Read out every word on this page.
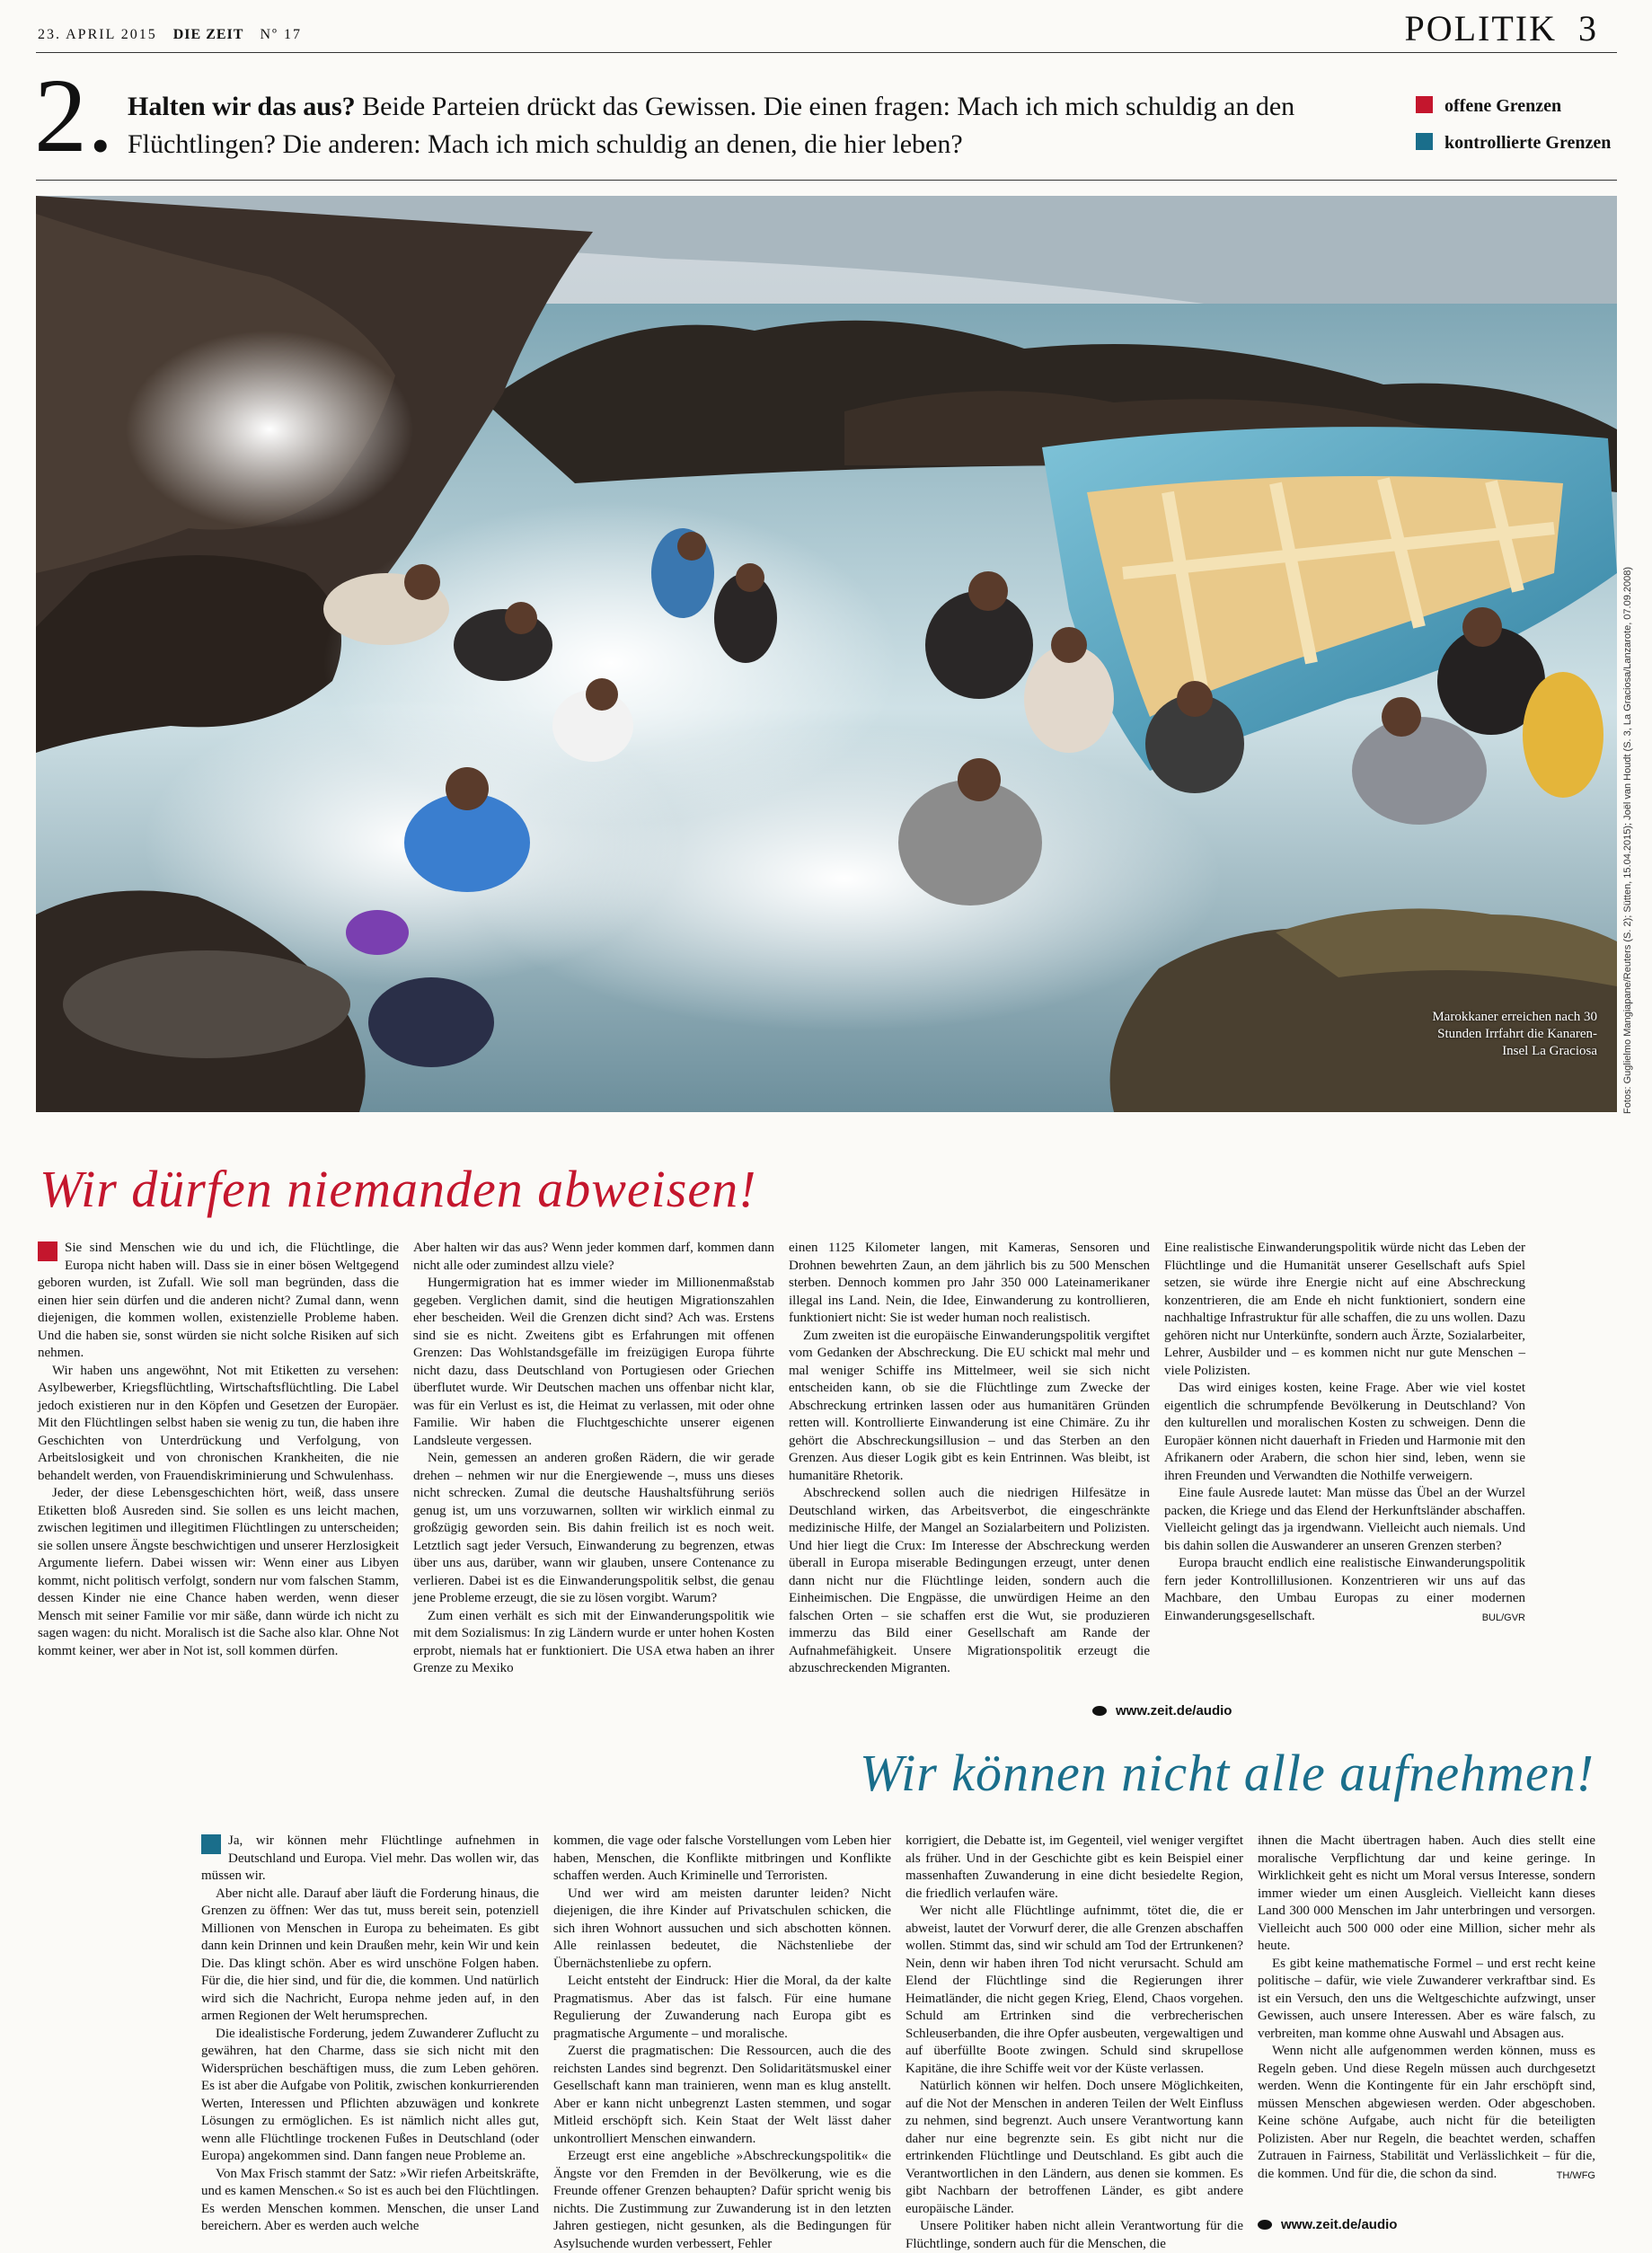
23. APRIL 2015 DIE ZEIT Nº 17	POLITIK 3
2. Halten wir das aus? Beide Parteien drückt das Gewissen. Die einen fragen: Mach ich mich schuldig an den Flüchtlingen? Die anderen: Mach ich mich schuldig an denen, die hier leben?
offene Grenzen
kontrollierte Grenzen
Marokkaner erreichen nach 30 Stunden Irrfahrt die Kanaren-Insel La Graciosa	Fotos: Guglielmo Mangiapane/Reuters (S. 2); Sütten, 15.04.2015); Joël van Houdt (S. 3, La Graciosa/Lanzarote, 07.09.2008)
Wir dürfen niemanden abweisen!

Sie sind Menschen wie du und ich, die Flüchtlinge, die Europa nicht haben will. Dass sie in einer bösen Weltgegend geboren wurden, ist Zufall. Wie soll man begründen, dass die einen hier sein dürfen und die anderen nicht? Zumal dann, wenn diejenigen, die kommen wollen, existenzielle Probleme haben. Und die haben sie, sonst würden sie nicht solche Risiken auf sich nehmen.

Wir haben uns angewöhnt, Not mit Etiketten zu versehen: Asylbewerber, Kriegsflüchtling, Wirtschaftsflüchtling. Die Label jedoch existieren nur in den Köpfen und Gesetzen der Europäer. Mit den Flüchtlingen selbst haben sie wenig zu tun, die haben ihre Geschichten von Unterdrückung und Verfolgung, von Arbeitslosigkeit und von chronischen Krankheiten, die nie behandelt werden, von Frauendiskriminierung und Schwulenhass.

Jeder, der diese Lebensgeschichten hört, weiß, dass unsere Etiketten bloß Ausreden sind. Sie sollen es uns leicht machen, zwischen legitimen und illegitimen Flüchtlingen zu unterscheiden; sie sollen unsere Ängste beschwichtigen und unserer Herzlosigkeit Argumente liefern. Dabei wissen wir: Wenn einer aus Libyen kommt, nicht politisch verfolgt, sondern nur vom falschen Stamm, dessen Kinder nie eine Chance haben werden, wenn dieser Mensch mit seiner Familie vor mir säße, dann würde ich nicht zu sagen wagen: du nicht. Moralisch ist die Sache also klar. Ohne Not kommt keiner, wer aber in Not ist, soll kommen dürfen.

Aber halten wir das aus? Wenn jeder kommen darf, kommen dann nicht alle oder zumindest allzu viele?

Hungermigration hat es immer wieder im Millionenmaßstab gegeben. Verglichen damit, sind die heutigen Migrationszahlen eher bescheiden. Weil die Grenzen dicht sind? Ach was. Erstens sind sie es nicht. Zweitens gibt es Erfahrungen mit offenen Grenzen: Das Wohlstandsgefälle im freizügigen Europa führte nicht dazu, dass Deutschland von Portugiesen oder Griechen überflutet wurde. Wir Deutschen machen uns offenbar nicht klar, was für ein Verlust es ist, die Heimat zu verlassen, mit oder ohne Familie. Wir haben die Fluchtgeschichte unserer eigenen Landsleute vergessen.

Nein, gemessen an anderen großen Rädern, die wir gerade drehen – nehmen wir nur die Energiewende –, muss uns dieses nicht schrecken. Zumal die deutsche Haushaltsführung seriös genug ist, um uns vorzuwarnen, sollten wir wirklich einmal zu großzügig geworden sein. Bis dahin freilich ist es noch weit. Letztlich sagt jeder Versuch, Einwanderung zu begrenzen, etwas über uns aus, darüber, wann wir glauben, unsere Contenance zu verlieren. Dabei ist es die Einwanderungspolitik selbst, die genau jene Probleme erzeugt, die sie zu lösen vorgibt. Warum?

Zum einen verhält es sich mit der Einwanderungspolitik wie mit dem Sozialismus: In zig Ländern wurde er unter hohen Kosten erprobt, niemals hat er funktioniert. Die USA etwa haben an ihrer Grenze zu Mexiko

einen 1125 Kilometer langen, mit Kameras, Sensoren und Drohnen bewehrten Zaun, an dem jährlich bis zu 500 Menschen sterben. Dennoch kommen pro Jahr 350 000 Lateinamerikaner illegal ins Land. Nein, die Idee, Einwanderung zu kontrollieren, funktioniert nicht: Sie ist weder human noch realistisch.

Zum zweiten ist die europäische Einwanderungspolitik vergiftet vom Gedanken der Abschreckung. Die EU schickt mal mehr und mal weniger Schiffe ins Mittelmeer, weil sie sich nicht entscheiden kann, ob sie die Flüchtlinge zum Zwecke der Abschreckung ertrinken lassen oder aus humanitären Gründen retten will. Kontrollierte Einwanderung ist eine Chimäre. Zu ihr gehört die Abschreckungsillusion – und das Sterben an den Grenzen. Aus dieser Logik gibt es kein Entrinnen. Was bleibt, ist humanitäre Rhetorik.

Abschreckend sollen auch die niedrigen Hilfesätze in Deutschland wirken, das Arbeitsverbot, die eingeschränkte medizinische Hilfe, der Mangel an Sozialarbeitern und Polizisten. Und hier liegt die Crux: Im Interesse der Abschreckung werden überall in Europa miserable Bedingungen erzeugt, unter denen dann nicht nur die Flüchtlinge leiden, sondern auch die Einheimischen. Die Engpässe, die unwürdigen Heime an den falschen Orten – sie schaffen erst die Wut, sie produzieren immerzu das Bild einer Gesellschaft am Rande der Aufnahmefähigkeit. Unsere Migrationspolitik erzeugt die abzuschreckenden Migranten.

Eine realistische Einwanderungspolitik würde nicht das Leben der Flüchtlinge und die Humanität unserer Gesellschaft aufs Spiel setzen, sie würde ihre Energie nicht auf eine Abschreckung konzentrieren, die am Ende eh nicht funktioniert, sondern eine nachhaltige Infrastruktur für alle schaffen, die zu uns wollen. Dazu gehören nicht nur Unterkünfte, sondern auch Ärzte, Sozialarbeiter, Lehrer, Ausbilder und – es kommen nicht nur gute Menschen – viele Polizisten.

Das wird einiges kosten, keine Frage. Aber wie viel kostet eigentlich die schrumpfende Bevölkerung in Deutschland? Von den kulturellen und moralischen Kosten zu schweigen. Denn die Europäer können nicht dauerhaft in Frieden und Harmonie mit den Afrikanern oder Arabern, die schon hier sind, leben, wenn sie ihren Freunden und Verwandten die Nothilfe verweigern.

Eine faule Ausrede lautet: Man müsse das Übel an der Wurzel packen, die Kriege und das Elend der Herkunftsländer abschaffen. Vielleicht gelingt das ja irgendwann. Vielleicht auch niemals. Und bis dahin sollen die Auswanderer an unseren Grenzen sterben?

Europa braucht endlich eine realistische Einwanderungspolitik fern jeder Kontrollillusionen. Konzentrieren wir uns auf das Machbare, den Umbau Europas zu einer modernen Einwanderungsgesellschaft.	BUL/GVR

www.zeit.de/audio
Wir können nicht alle aufnehmen!

Ja, wir können mehr Flüchtlinge aufnehmen in Deutschland und Europa. Viel mehr. Das wollen wir, das müssen wir.

Aber nicht alle. Darauf aber läuft die Forderung hinaus, die Grenzen zu öffnen: Wer das tut, muss bereit sein, potenziell Millionen von Menschen in Europa zu beheimaten. Es gibt dann kein Drinnen und kein Draußen mehr, kein Wir und kein Die. Das klingt schön. Aber es wird unschöne Folgen haben. Für die, die hier sind, und für die, die kommen. Und natürlich wird sich die Nachricht, Europa nehme jeden auf, in den armen Regionen der Welt herumsprechen.

Die idealistische Forderung, jedem Zuwanderer Zuflucht zu gewähren, hat den Charme, dass sie sich nicht mit den Widersprüchen beschäftigen muss, die zum Leben gehören. Es ist aber die Aufgabe von Politik, zwischen konkurrierenden Werten, Interessen und Pflichten abzuwägen und konkrete Lösungen zu ermöglichen. Es ist nämlich nicht alles gut, wenn alle Flüchtlinge trockenen Fußes in Deutschland (oder Europa) angekommen sind. Dann fangen neue Probleme an.

Von Max Frisch stammt der Satz: »Wir riefen Arbeitskräfte, und es kamen Menschen.« So ist es auch bei den Flüchtlingen. Es werden Menschen kommen. Menschen, die unser Land bereichern. Aber es werden auch welche

kommen, die vage oder falsche Vorstellungen vom Leben hier haben, Menschen, die Konflikte mitbringen und Konflikte schaffen werden. Auch Kriminelle und Terroristen.

Und wer wird am meisten darunter leiden? Nicht diejenigen, die ihre Kinder auf Privatschulen schicken, die sich ihren Wohnort aussuchen und sich abschotten können. Alle reinlassen bedeutet, die Nächstenliebe der Übernächstenliebe zu opfern.

Leicht entsteht der Eindruck: Hier die Moral, da der kalte Pragmatismus. Aber das ist falsch. Für eine humane Regulierung der Zuwanderung nach Europa gibt es pragmatische Argumente – und moralische.

Zuerst die pragmatischen: Die Ressourcen, auch die des reichsten Landes sind begrenzt. Den Solidaritätsmuskel einer Gesellschaft kann man trainieren, wenn man es klug anstellt. Aber er kann nicht unbegrenzt Lasten stemmen, und sogar Mitleid erschöpft sich. Kein Staat der Welt lässt daher unkontrolliert Menschen einwandern.

Erzeugt erst eine angebliche »Abschreckungspolitik« die Ängste vor den Fremden in der Bevölkerung, wie es die Freunde offener Grenzen behaupten? Dafür spricht wenig bis nichts. Die Zustimmung zur Zuwanderung ist in den letzten Jahren gestiegen, nicht gesunken, als die Bedingungen für Asylsuchende wurden verbessert, Fehler

korrigiert, die Debatte ist, im Gegenteil, viel weniger vergiftet als früher. Und in der Geschichte gibt es kein Beispiel einer massenhaften Zuwanderung in eine dicht besiedelte Region, die friedlich verlaufen wäre.

Wer nicht alle Flüchtlinge aufnimmt, tötet die, die er abweist, lautet der Vorwurf derer, die alle Grenzen abschaffen wollen. Stimmt das, sind wir schuld am Tod der Ertrunkenen? Nein, denn wir haben ihren Tod nicht verursacht. Schuld am Elend der Flüchtlinge sind die Regierungen ihrer Heimatländer, die nicht gegen Krieg, Elend, Chaos vorgehen. Schuld am Ertrinken sind die verbrecherischen Schleuserbanden, die ihre Opfer ausbeuten, vergewaltigen und auf überfüllte Boote zwingen. Schuld sind skrupellose Kapitäne, die ihre Schiffe weit vor der Küste verlassen.

Natürlich können wir helfen. Doch unsere Möglichkeiten, auf die Not der Menschen in anderen Teilen der Welt Einfluss zu nehmen, sind begrenzt. Auch unsere Verantwortung kann daher nur eine begrenzte sein. Es gibt nicht nur die ertrinkenden Flüchtlinge und Deutschland. Es gibt auch die Verantwortlichen in den Ländern, aus denen sie kommen. Es gibt Nachbarn der betroffenen Länder, es gibt andere europäische Länder.

Unsere Politiker haben nicht allein Verantwortung für die Flüchtlinge, sondern auch für die Menschen, die

ihnen die Macht übertragen haben. Auch dies stellt eine moralische Verpflichtung dar und keine geringe. In Wirklichkeit geht es nicht um Moral versus Interesse, sondern immer wieder um einen Ausgleich. Vielleicht kann dieses Land 300 000 Menschen im Jahr unterbringen und versorgen. Vielleicht auch 500 000 oder eine Million, sicher mehr als heute.

Es gibt keine mathematische Formel – und erst recht keine politische – dafür, wie viele Zuwanderer verkraftbar sind. Es ist ein Versuch, den uns die Weltgeschichte aufzwingt, unser Gewissen, auch unsere Interessen. Aber es wäre falsch, zu verbreiten, man komme ohne Auswahl und Absagen aus.

Wenn nicht alle aufgenommen werden können, muss es Regeln geben. Und diese Regeln müssen auch durchgesetzt werden. Wenn die Kontingente für ein Jahr erschöpft sind, müssen Menschen abgewiesen werden. Oder abgeschoben. Keine schöne Aufgabe, auch nicht für die beteiligten Polizisten. Aber nur Regeln, die beachtet werden, schaffen Zutrauen in Fairness, Stabilität und Verlässlichkeit – für die, die kommen. Und für die, die schon da sind.	TH/WFG

www.zeit.de/audio
